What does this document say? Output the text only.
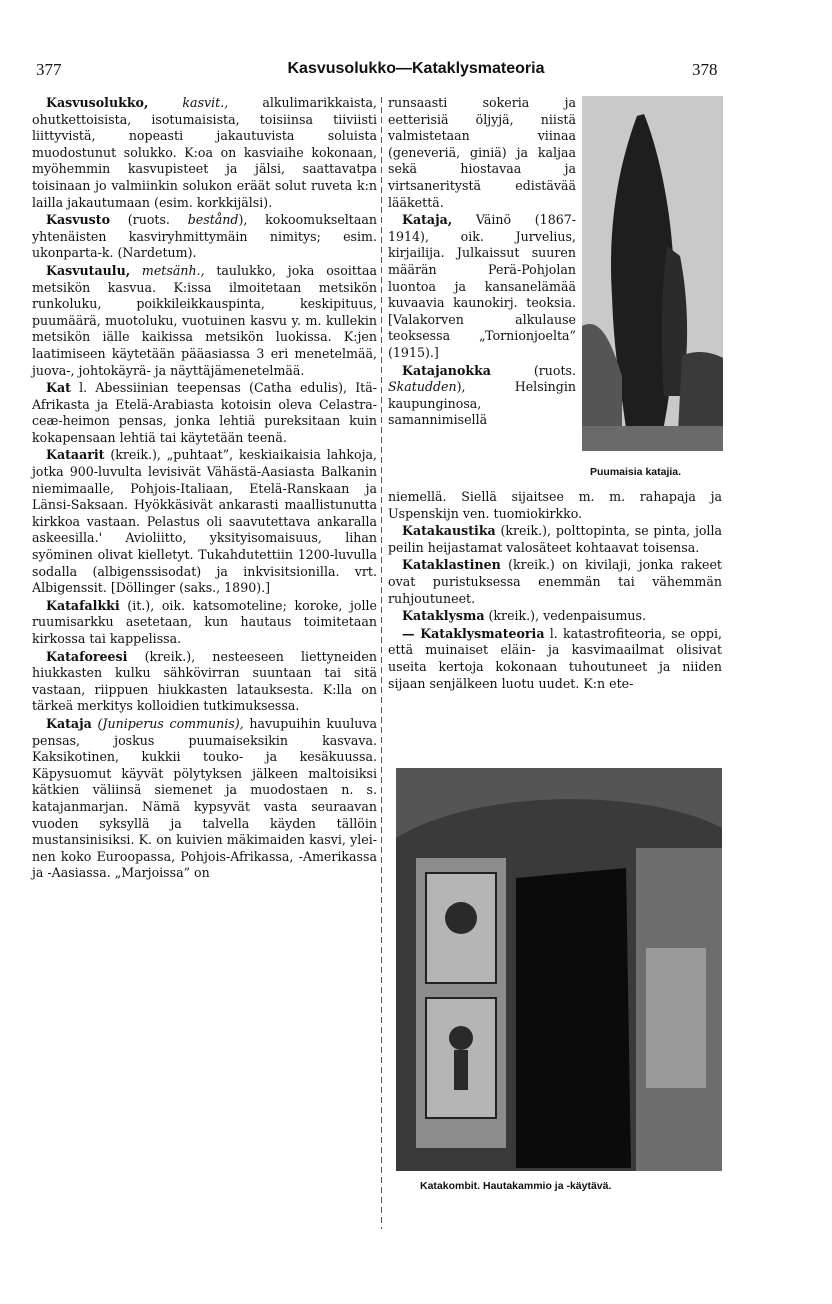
377	Kasvusolukko—Kataklysmateoria	378

Kasvusolukko, kasvit., alkulimarikkaista, ohutkettoisista, isotumaisista, toisiinsa tiiviisti liittyvistä, nopeasti jakautuvista soluista muodostunut solukko. K:oa on kasviaihe kokonaan, myöhemmin kasvupisteet ja jälsi, saattavatpa toisinaan jo valmiinkin solukon eräät solut ruveta k:n lailla jakautumaan (esim. korkkijälsi).

Kasvusto (ruots. bestånd), kokoomukseltaan yhtenäisten kasviryhmittymäin nimitys; esim. ukonparta-k. (Nardetum).

Kasvutaulu, metsänh., taulukko, joka osoittaa metsikön kasvua. K:issa ilmoitetaan metsikön runkoluku, poikkileikkauspinta, keskipituus, puumäärä, muotoluku, vuotuinen kasvu y. m. kullekin metsikön iälle kaikissa metsikön luokissa. K:jen laatimiseen käytetään pääasiassa 3 eri menetelmää, juova-, johtokäyrä- ja näyttäjämenetelmää.

Kat l. Abessiinian teepensas (Catha edulis), Itä-Afrikasta ja Etelä-Arabiasta kotoisin oleva Celastraceæ-heimon pensas, jonka lehtiä pureksitaan kuin kokapensaan lehtiä tai käytetään teenä.

Kataarit (kreik.), „puhtaat”, keskiaikaisia lahkoja, jotka 900-luvulta levisivät Vähästä-Aasiasta Balkanin niemimaalle, Pohjois-Italiaan, Etelä-Ranskaan ja Länsi-Saksaan. Hyökkäsivät ankarasti maallistunutta kirkkoa vastaan. Pelastus oli saavutettava ankaralla askeesilla.' Avioliitto, yksityisomaisuus, lihan syöminen olivat kielletyt. Tukahdutettiin 1200-luvulla sodalla (albigenssisodat) ja inkvisitsionilla. vrt. Albigenssit. [Döllinger (saks., 1890).]

Katafalkki (it.), oik. katsomoteline; koroke, jolle ruumisarkku asetetaan, kun hautaus toimitetaan kirkossa tai kappelissa.

Kataforeesi (kreik.), nesteeseen liettyneiden hiukkasten kulku sähkövirran suuntaan tai sitä vastaan, riippuen hiukkasten latauksesta. K:lla on tärkeä merkitys kolloidien tutkimuksessa.

Kataja (Juniperus communis), havupuihin kuuluva pensas, joskus puumaiseksikin kasvava. Kaksikotinen, kukkii touko- ja kesäkuussa. Käpysuomut käyvät pölytyksen jälkeen maltoisiksi kätkien väliinsä siemenet ja muodostaen n. s. katajanmarjan. Nämä kypsyvät vasta seuraavan vuoden syksyllä ja talvella käyden tällöin mustansinisiksi. K. on kuivien mäkimaiden kasvi, yleinen koko Euroopassa, Pohjois-Afrikassa, -Amerikassa ja -Aasiassa. „Marjoissa” on

runsaasti sokeria ja eetterisiä öljyjä, niistä valmistetaan viinaa (geneveriä, giniä) ja kaljaa sekä hiostavaa ja virtsaneritystä edistävää lääkettä.

Kataja, Väinö (1867-1914), oik. Jurvelius, kirjailija. Julkaissut suuren määrän Perä-Pohjolan luontoa ja kansanelämää kuvaavia kaunokirj. teoksia. [Valakorven alkulause teoksessa „Tornionjoelta” (1915).]

Katajanokka (ruots. Skatudden), Helsingin kaupunginosa, samannimisellä

Puumaisia katajia.

niemellä. Siellä sijaitsee m. m. rahapaja ja Uspenskijn ven. tuomiokirkko.

Katakaustika (kreik.), polttopinta, se pinta, jolla peilin heijastamat valosäteet kohtaavat toisensa.

Kataklastinen (kreik.) on kivilaji, jonka rakeet ovat puristuksessa enemmän tai vähemmän ruhjoutuneet.

Kataklysma (kreik.), vedenpaisumus.

— Kataklysmateoria l. katastrofiteoria, se oppi, että muinaiset eläin- ja kasvimaailmat olisivat useita kertoja kokonaan tuhoutuneet ja niiden sijaan senjälkeen luotu uudet. K:n ete-

Katakombit. Hautakammio ja -käytävä.
